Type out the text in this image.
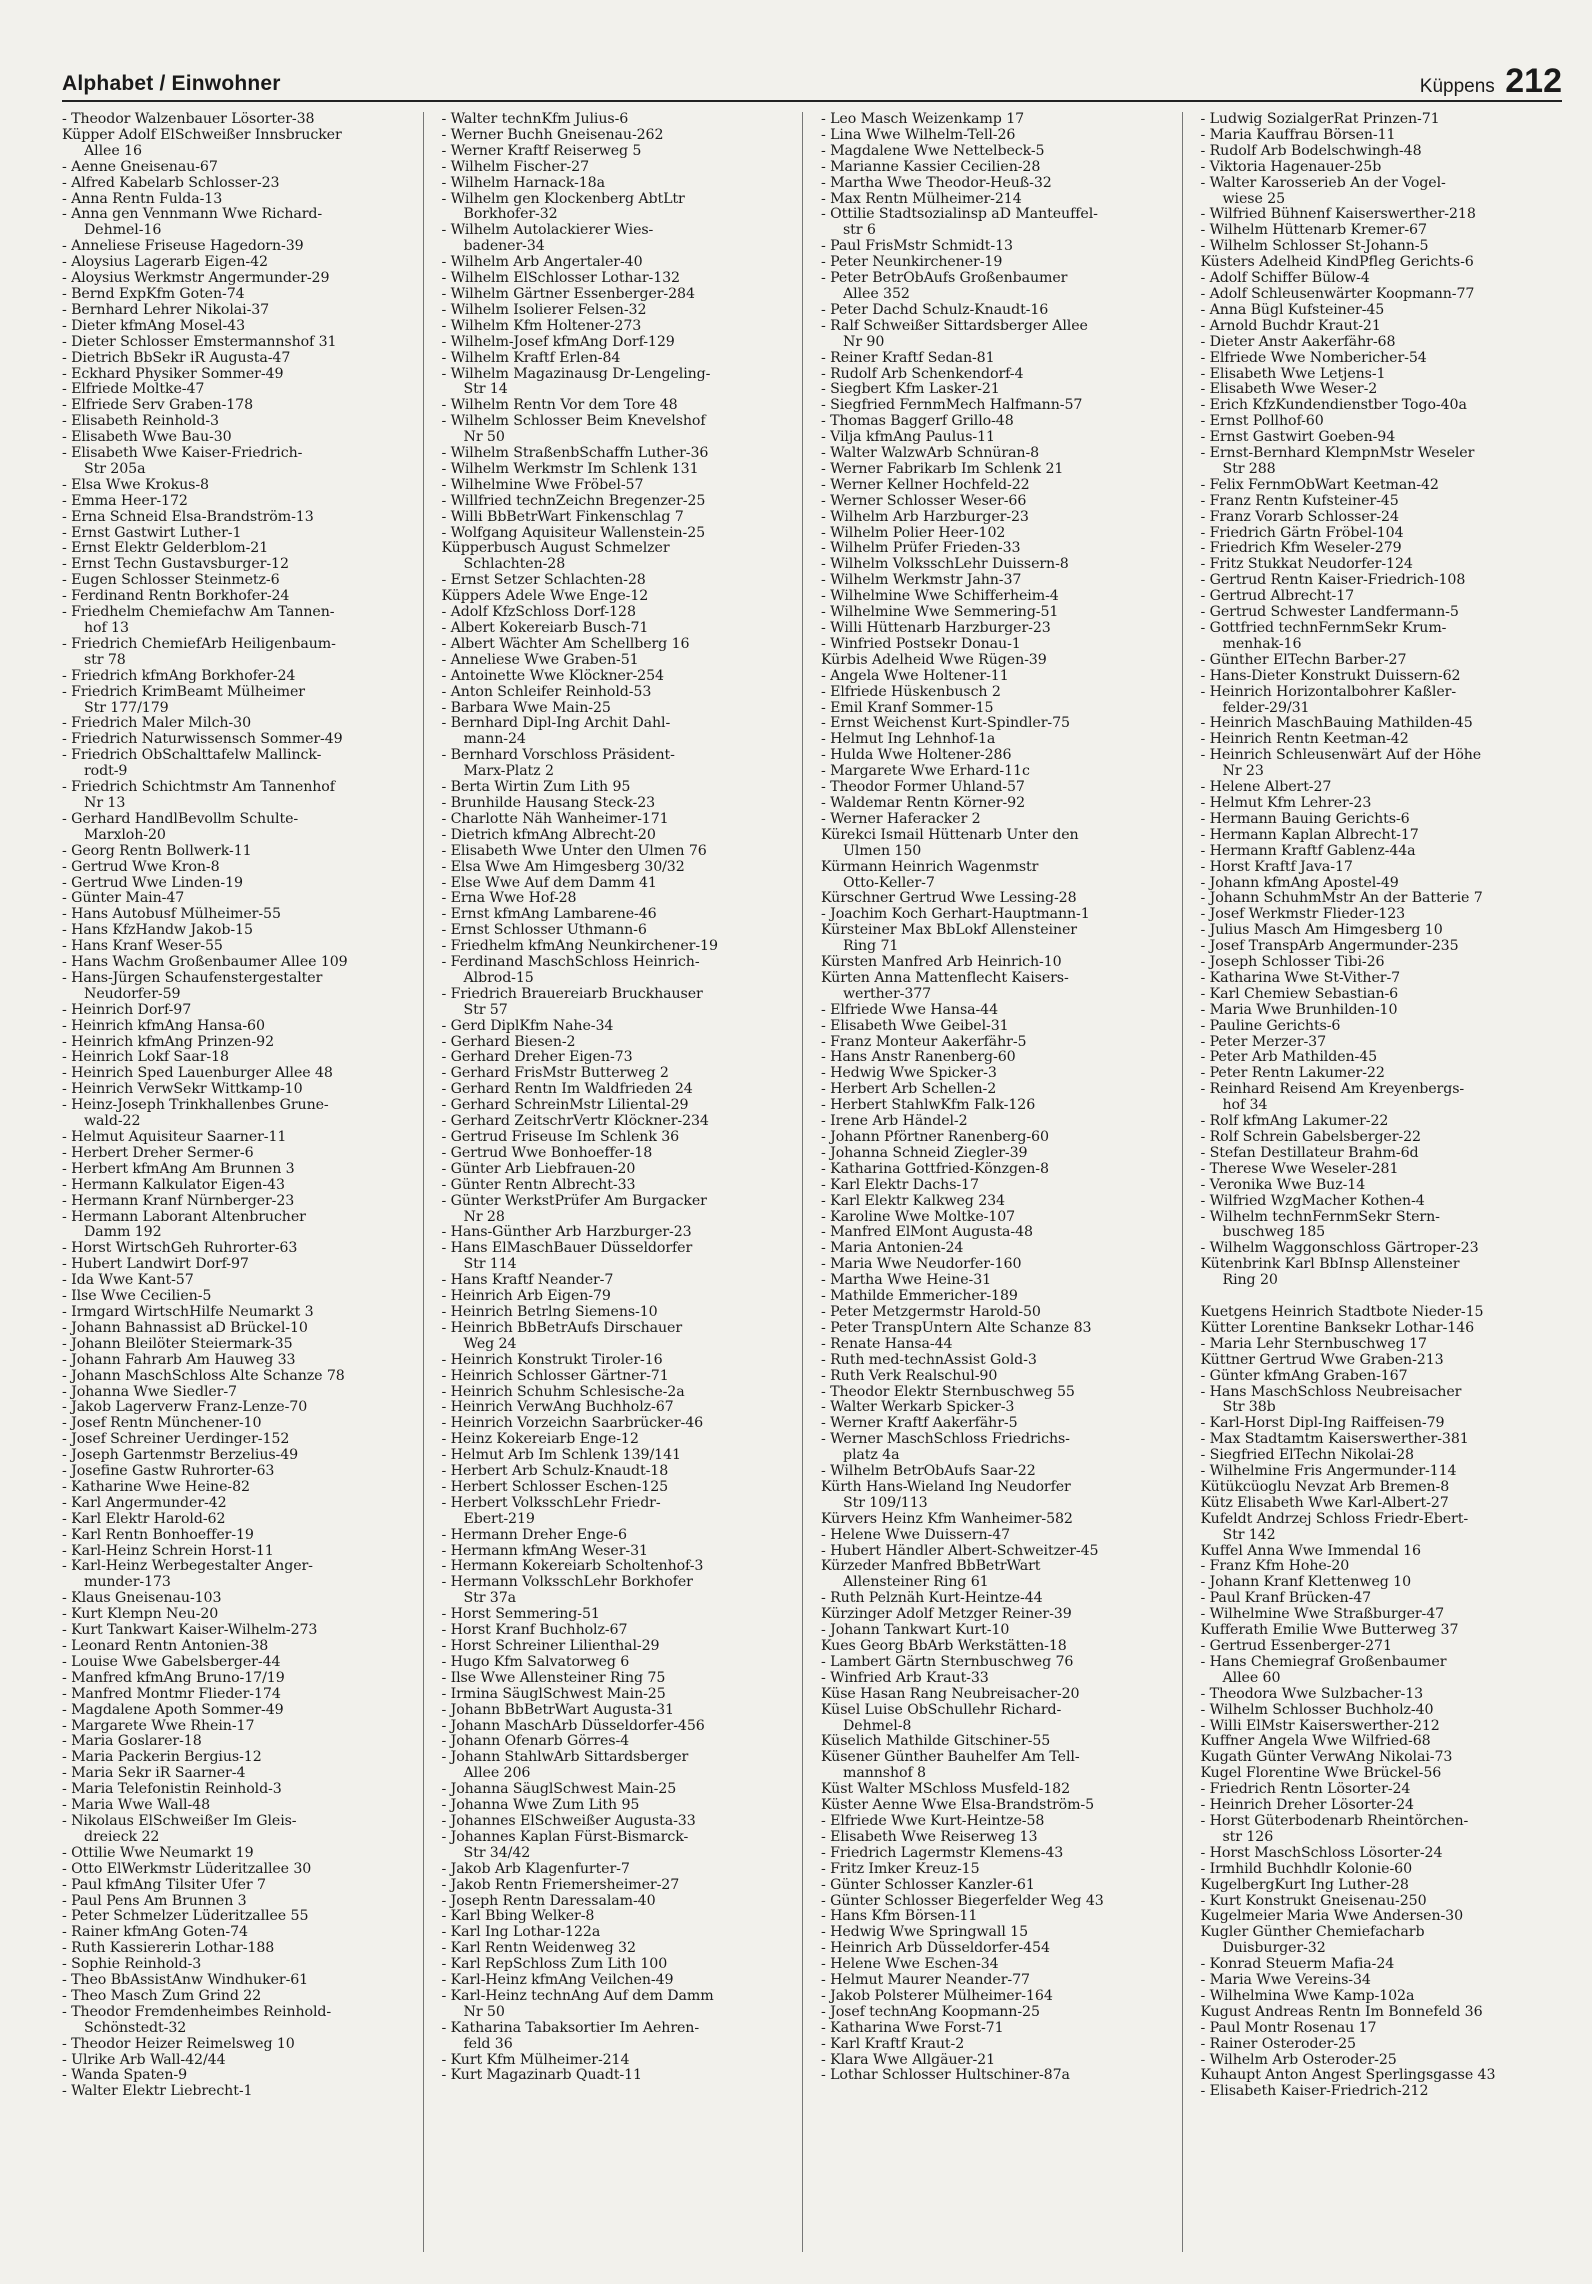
Alphabet / Einwohner	Küppens 212
- Theodor Walzenbauer Lösorter-38
Küpper Adolf ElSchweißer Innsbrucker
Allee 16
- Aenne Gneisenau-67
- Alfred Kabelarb Schlosser-23
- Anna Rentn Fulda-13
- Anna gen Vennmann Wwe Richard-
Dehmel-16
- Anneliese Friseuse Hagedorn-39
- Aloysius Lagerarb Eigen-42
- Aloysius Werkmstr Angermunder-29
- Bernd ExpKfm Goten-74
- Bernhard Lehrer Nikolai-37
- Dieter kfmAng Mosel-43
- Dieter Schlosser Emstermannshof 31
- Dietrich BbSekr iR Augusta-47
- Eckhard Physiker Sommer-49
- Elfriede Moltke-47
- Elfriede Serv Graben-178
- Elisabeth Reinhold-3
- Elisabeth Wwe Bau-30
- Elisabeth Wwe Kaiser-Friedrich-
Str 205a
- Elsa Wwe Krokus-8
- Emma Heer-172
- Erna Schneid Elsa-Brandström-13
- Ernst Gastwirt Luther-1
- Ernst Elektr Gelderblom-21
- Ernst Techn Gustavsburger-12
- Eugen Schlosser Steinmetz-6
- Ferdinand Rentn Borkhofer-24
- Friedhelm Chemiefachw Am Tannen-
hof 13
- Friedrich ChemiefArb Heiligenbaum-
str 78
- Friedrich kfmAng Borkhofer-24
- Friedrich KrimBeamt Mülheimer
Str 177/179
- Friedrich Maler Milch-30
- Friedrich Naturwissensch Sommer-49
- Friedrich ObSchalttafelw Mallinck-
rodt-9
- Friedrich Schichtmstr Am Tannenhof
Nr 13
- Gerhard HandlBevollm Schulte-
Marxloh-20
- Georg Rentn Bollwerk-11
- Gertrud Wwe Kron-8
- Gertrud Wwe Linden-19
- Günter Main-47
- Hans Autobusf Mülheimer-55
- Hans KfzHandw Jakob-15
- Hans Kranf Weser-55
- Hans Wachm Großenbaumer Allee 109
- Hans-Jürgen Schaufenstergestalter
Neudorfer-59
- Heinrich Dorf-97
- Heinrich kfmAng Hansa-60
- Heinrich kfmAng Prinzen-92
- Heinrich Lokf Saar-18
- Heinrich Sped Lauenburger Allee 48
- Heinrich VerwSekr Wittkamp-10
- Heinz-Joseph Trinkhallenbes Grune-
wald-22
- Helmut Aquisiteur Saarner-11
- Herbert Dreher Sermer-6
- Herbert kfmAng Am Brunnen 3
- Hermann Kalkulator Eigen-43
- Hermann Kranf Nürnberger-23
- Hermann Laborant Altenbrucher
Damm 192
- Horst WirtschGeh Ruhrorter-63
- Hubert Landwirt Dorf-97
- Ida Wwe Kant-57
- Ilse Wwe Cecilien-5
- Irmgard WirtschHilfe Neumarkt 3
- Johann Bahnassist aD Brückel-10
- Johann Bleilöter Steiermark-35
- Johann Fahrarb Am Hauweg 33
- Johann MaschSchloss Alte Schanze 78
- Johanna Wwe Siedler-7
- Jakob Lagerverw Franz-Lenze-70
- Josef Rentn Münchener-10
- Josef Schreiner Uerdinger-152
- Joseph Gartenmstr Berzelius-49
- Josefine Gastw Ruhrorter-63
- Katharine Wwe Heine-82
- Karl Angermunder-42
- Karl Elektr Harold-62
- Karl Rentn Bonhoeffer-19
- Karl-Heinz Schrein Horst-11
- Karl-Heinz Werbegestalter Anger-
munder-173
- Klaus Gneisenau-103
- Kurt Klempn Neu-20
- Kurt Tankwart Kaiser-Wilhelm-273
- Leonard Rentn Antonien-38
- Louise Wwe Gabelsberger-44
- Manfred kfmAng Bruno-17/19
- Manfred Montmr Flieder-174
- Magdalene Apoth Sommer-49
- Margarete Wwe Rhein-17
- Maria Goslarer-18
- Maria Packerin Bergius-12
- Maria Sekr iR Saarner-4
- Maria Telefonistin Reinhold-3
- Maria Wwe Wall-48
- Nikolaus ElSchweißer Im Gleis-
dreieck 22
- Ottilie Wwe Neumarkt 19
- Otto ElWerkmstr Lüderitzallee 30
- Paul kfmAng Tilsiter Ufer 7
- Paul Pens Am Brunnen 3
- Peter Schmelzer Lüderitzallee 55
- Rainer kfmAng Goten-74
- Ruth Kassiererin Lothar-188
- Sophie Reinhold-3
- Theo BbAssistAnw Windhuker-61
- Theo Masch Zum Grind 22
- Theodor Fremdenheimbes Reinhold-
Schönstedt-32
- Theodor Heizer Reimelsweg 10
- Ulrike Arb Wall-42/44
- Wanda Spaten-9
- Walter Elektr Liebrecht-1
- Walter technKfm Julius-6
- Werner Buchh Gneisenau-262
- Werner Kraftf Reiserweg 5
- Wilhelm Fischer-27
- Wilhelm Harnack-18a
- Wilhelm gen Klockenberg AbtLtr
Borkhofer-32
- Wilhelm Autolackierer Wies-
badener-34
- Wilhelm Arb Angertaler-40
- Wilhelm ElSchlosser Lothar-132
- Wilhelm Gärtner Essenberger-284
- Wilhelm Isolierer Felsen-32
- Wilhelm Kfm Holtener-273
- Wilhelm-Josef kfmAng Dorf-129
- Wilhelm Kraftf Erlen-84
- Wilhelm Magazinausg Dr-Lengeling-
Str 14
- Wilhelm Rentn Vor dem Tore 48
- Wilhelm Schlosser Beim Knevelshof
Nr 50
- Wilhelm StraßenbSchaffn Luther-36
- Wilhelm Werkmstr Im Schlenk 131
- Wilhelmine Wwe Fröbel-57
- Willfried technZeichn Bregenzer-25
- Willi BbBetrWart Finkenschlag 7
- Wolfgang Aquisiteur Wallenstein-25
Küpperbusch August Schmelzer
Schlachten-28
- Ernst Setzer Schlachten-28
Küppers Adele Wwe Enge-12
- Adolf KfzSchloss Dorf-128
- Albert Kokereiarb Busch-71
- Albert Wächter Am Schellberg 16
- Anneliese Wwe Graben-51
- Antoinette Wwe Klöckner-254
- Anton Schleifer Reinhold-53
- Barbara Wwe Main-25
- Bernhard Dipl-Ing Archit Dahl-
mann-24
- Bernhard Vorschloss Präsident-
Marx-Platz 2
- Berta Wirtin Zum Lith 95
- Brunhilde Hausang Steck-23
- Charlotte Näh Wanheimer-171
- Dietrich kfmAng Albrecht-20
- Elisabeth Wwe Unter den Ulmen 76
- Elsa Wwe Am Himgesberg 30/32
- Else Wwe Auf dem Damm 41
- Erna Wwe Hof-28
- Ernst kfmAng Lambarene-46
- Ernst Schlosser Uthmann-6
- Friedhelm kfmAng Neunkirchener-19
- Ferdinand MaschSchloss Heinrich-
Albrod-15
- Friedrich Brauereiarb Bruckhauser
Str 57
- Gerd DiplKfm Nahe-34
- Gerhard Biesen-2
- Gerhard Dreher Eigen-73
- Gerhard FrisMstr Butterweg 2
- Gerhard Rentn Im Waldfrieden 24
- Gerhard SchreinMstr Liliental-29
- Gerhard ZeitschrVertr Klöckner-234
- Gertrud Friseuse Im Schlenk 36
- Gertrud Wwe Bonhoeffer-18
- Günter Arb Liebfrauen-20
- Günter Rentn Albrecht-33
- Günter WerkstPrüfer Am Burgacker
Nr 28
- Hans-Günther Arb Harzburger-23
- Hans ElMaschBauer Düsseldorfer
Str 114
- Hans Kraftf Neander-7
- Heinrich Arb Eigen-79
- Heinrich Betrlng Siemens-10
- Heinrich BbBetrAufs Dirschauer
Weg 24
- Heinrich Konstrukt Tiroler-16
- Heinrich Schlosser Gärtner-71
- Heinrich Schuhm Schlesische-2a
- Heinrich VerwAng Buchholz-67
- Heinrich Vorzeichn Saarbrücker-46
- Heinz Kokereiarb Enge-12
- Helmut Arb Im Schlenk 139/141
- Herbert Arb Schulz-Knaudt-18
- Herbert Schlosser Eschen-125
- Herbert VolksschLehr Friedr-
Ebert-219
- Hermann Dreher Enge-6
- Hermann kfmAng Weser-31
- Hermann Kokereiarb Scholtenhof-3
- Hermann VolksschLehr Borkhofer
Str 37a
- Horst Semmering-51
- Horst Kranf Buchholz-67
- Horst Schreiner Lilienthal-29
- Hugo Kfm Salvatorweg 6
- Ilse Wwe Allensteiner Ring 75
- Irmina SäuglSchwest Main-25
- Johann BbBetrWart Augusta-31
- Johann MaschArb Düsseldorfer-456
- Johann Ofenarb Görres-4
- Johann StahlwArb Sittardsberger
Allee 206
- Johanna SäuglSchwest Main-25
- Johanna Wwe Zum Lith 95
- Johannes ElSchweißer Augusta-33
- Johannes Kaplan Fürst-Bismarck-
Str 34/42
- Jakob Arb Klagenfurter-7
- Jakob Rentn Friemersheimer-27
- Joseph Rentn Daressalam-40
- Karl Bbing Welker-8
- Karl Ing Lothar-122a
- Karl Rentn Weidenweg 32
- Karl RepSchloss Zum Lith 100
- Karl-Heinz kfmAng Veilchen-49
- Karl-Heinz technAng Auf dem Damm
Nr 50
- Katharina Tabaksortier Im Aehren-
feld 36
- Kurt Kfm Mülheimer-214
- Kurt Magazinarb Quadt-11
- Leo Masch Weizenkamp 17
- Lina Wwe Wilhelm-Tell-26
- Magdalene Wwe Nettelbeck-5
- Marianne Kassier Cecilien-28
- Martha Wwe Theodor-Heuß-32
- Max Rentn Mülheimer-214
- Ottilie Stadtsozialinsp aD Manteuffel-
str 6
- Paul FrisMstr Schmidt-13
- Peter Neunkirchener-19
- Peter BetrObAufs Großenbaumer
Allee 352
- Peter Dachd Schulz-Knaudt-16
- Ralf Schweißer Sittardsberger Allee
Nr 90
- Reiner Kraftf Sedan-81
- Rudolf Arb Schenkendorf-4
- Siegbert Kfm Lasker-21
- Siegfried FernmMech Halfmann-57
- Thomas Baggerf Grillo-48
- Vilja kfmAng Paulus-11
- Walter WalzwArb Schnüran-8
- Werner Fabrikarb Im Schlenk 21
- Werner Kellner Hochfeld-22
- Werner Schlosser Weser-66
- Wilhelm Arb Harzburger-23
- Wilhelm Polier Heer-102
- Wilhelm Prüfer Frieden-33
- Wilhelm VolksschLehr Duissern-8
- Wilhelm Werkmstr Jahn-37
- Wilhelmine Wwe Schifferheim-4
- Wilhelmine Wwe Semmering-51
- Willi Hüttenarb Harzburger-23
- Winfried Postsekr Donau-1
Kürbis Adelheid Wwe Rügen-39
- Angela Wwe Holtener-11
- Elfriede Hüskenbusch 2
- Emil Kranf Sommer-15
- Ernst Weichenst Kurt-Spindler-75
- Helmut Ing Lehnhof-1a
- Hulda Wwe Holtener-286
- Margarete Wwe Erhard-11c
- Theodor Former Uhland-57
- Waldemar Rentn Körner-92
- Werner Haferacker 2
Kürekci Ismail Hüttenarb Unter den
Ulmen 150
Kürmann Heinrich Wagenmstr
Otto-Keller-7
Kürschner Gertrud Wwe Lessing-28
- Joachim Koch Gerhart-Hauptmann-1
Kürsteiner Max BbLokf Allensteiner
Ring 71
Kürsten Manfred Arb Heinrich-10
Kürten Anna Mattenflecht Kaisers-
werther-377
- Elfriede Wwe Hansa-44
- Elisabeth Wwe Geibel-31
- Franz Monteur Aakerfähr-5
- Hans Anstr Ranenberg-60
- Hedwig Wwe Spicker-3
- Herbert Arb Schellen-2
- Herbert StahlwKfm Falk-126
- Irene Arb Händel-2
- Johann Pförtner Ranenberg-60
- Johanna Schneid Ziegler-39
- Katharina Gottfried-Könzgen-8
- Karl Elektr Dachs-17
- Karl Elektr Kalkweg 234
- Karoline Wwe Moltke-107
- Manfred ElMont Augusta-48
- Maria Antonien-24
- Maria Wwe Neudorfer-160
- Martha Wwe Heine-31
- Mathilde Emmericher-189
- Peter Metzgermstr Harold-50
- Peter TranspUntern Alte Schanze 83
- Renate Hansa-44
- Ruth med-technAssist Gold-3
- Ruth Verk Realschul-90
- Theodor Elektr Sternbuschweg 55
- Walter Werkarb Spicker-3
- Werner Kraftf Aakerfähr-5
- Werner MaschSchloss Friedrichs-
platz 4a
- Wilhelm BetrObAufs Saar-22
Kürth Hans-Wieland Ing Neudorfer
Str 109/113
Kürvers Heinz Kfm Wanheimer-582
- Helene Wwe Duissern-47
- Hubert Händler Albert-Schweitzer-45
Kürzeder Manfred BbBetrWart
Allensteiner Ring 61
- Ruth Pelznäh Kurt-Heintze-44
Kürzinger Adolf Metzger Reiner-39
- Johann Tankwart Kurt-10
Kues Georg BbArb Werkstätten-18
- Lambert Gärtn Sternbuschweg 76
- Winfried Arb Kraut-33
Küse Hasan Rang Neubreisacher-20
Küsel Luise ObSchullehr Richard-
Dehmel-8
Küselich Mathilde Gitschiner-55
Küsener Günther Bauhelfer Am Tell-
mannshof 8
Küst Walter MSchloss Musfeld-182
Küster Aenne Wwe Elsa-Brandström-5
- Elfriede Wwe Kurt-Heintze-58
- Elisabeth Wwe Reiserweg 13
- Friedrich Lagermstr Klemens-43
- Fritz Imker Kreuz-15
- Günter Schlosser Kanzler-61
- Günter Schlosser Biegerfelder Weg 43
- Hans Kfm Börsen-11
- Hedwig Wwe Springwall 15
- Heinrich Arb Düsseldorfer-454
- Helene Wwe Eschen-34
- Helmut Maurer Neander-77
- Jakob Polsterer Mülheimer-164
- Josef technAng Koopmann-25
- Katharina Wwe Forst-71
- Karl Kraftf Kraut-2
- Klara Wwe Allgäuer-21
- Lothar Schlosser Hultschiner-87a
- Ludwig SozialgerRat Prinzen-71
- Maria Kauffrau Börsen-11
- Rudolf Arb Bodelschwingh-48
- Viktoria Hagenauer-25b
- Walter Karosserieb An der Vogel-
wiese 25
- Wilfried Bühnenf Kaiserswerther-218
- Wilhelm Hüttenarb Kremer-67
- Wilhelm Schlosser St-Johann-5
Küsters Adelheid KindPfleg Gerichts-6
- Adolf Schiffer Bülow-4
- Adolf Schleusenwärter Koopmann-77
- Anna Bügl Kufsteiner-45
- Arnold Buchdr Kraut-21
- Dieter Anstr Aakerfähr-68
- Elfriede Wwe Nombericher-54
- Elisabeth Wwe Letjens-1
- Elisabeth Wwe Weser-2
- Erich KfzKundendienstber Togo-40a
- Ernst Pollhof-60
- Ernst Gastwirt Goeben-94
- Ernst-Bernhard KlempnMstr Weseler
Str 288
- Felix FernmObWart Keetman-42
- Franz Rentn Kufsteiner-45
- Franz Vorarb Schlosser-24
- Friedrich Gärtn Fröbel-104
- Friedrich Kfm Weseler-279
- Fritz Stukkat Neudorfer-124
- Gertrud Rentn Kaiser-Friedrich-108
- Gertrud Albrecht-17
- Gertrud Schwester Landfermann-5
- Gottfried technFernmSekr Krum-
menhak-16
- Günther ElTechn Barber-27
- Hans-Dieter Konstrukt Duissern-62
- Heinrich Horizontalbohrer Kaßler-
felder-29/31
- Heinrich MaschBauing Mathilden-45
- Heinrich Rentn Keetman-42
- Heinrich Schleusenwärt Auf der Höhe
Nr 23
- Helene Albert-27
- Helmut Kfm Lehrer-23
- Hermann Bauing Gerichts-6
- Hermann Kaplan Albrecht-17
- Hermann Kraftf Gablenz-44a
- Horst Kraftf Java-17
- Johann kfmAng Apostel-49
- Johann SchuhmMstr An der Batterie 7
- Josef Werkmstr Flieder-123
- Julius Masch Am Himgesberg 10
- Josef TranspArb Angermunder-235
- Joseph Schlosser Tibi-26
- Katharina Wwe St-Vither-7
- Karl Chemiew Sebastian-6
- Maria Wwe Brunhilden-10
- Pauline Gerichts-6
- Peter Merzer-37
- Peter Arb Mathilden-45
- Peter Rentn Lakumer-22
- Reinhard Reisend Am Kreyenbergs-
hof 34
- Rolf kfmAng Lakumer-22
- Rolf Schrein Gabelsberger-22
- Stefan Destillateur Brahm-6d
- Therese Wwe Weseler-281
- Veronika Wwe Buz-14
- Wilfried WzgMacher Kothen-4
- Wilhelm technFernmSekr Stern-
buschweg 185
- Wilhelm Waggonschloss Gärtroper-23
Kütenbrink Karl BbInsp Allensteiner
Ring 20

Kuetgens Heinrich Stadtbote Nieder-15
Kütter Lorentine Banksekr Lothar-146
- Maria Lehr Sternbuschweg 17
Küttner Gertrud Wwe Graben-213
- Günter kfmAng Graben-167
- Hans MaschSchloss Neubreisacher
Str 38b
- Karl-Horst Dipl-Ing Raiffeisen-79
- Max Stadtamtm Kaiserswerther-381
- Siegfried ElTechn Nikolai-28
- Wilhelmine Fris Angermunder-114
Kütükcüoglu Nevzat Arb Bremen-8
Kütz Elisabeth Wwe Karl-Albert-27
Kufeldt Andrzej Schloss Friedr-Ebert-
Str 142
Kuffel Anna Wwe Immendal 16
- Franz Kfm Hohe-20
- Johann Kranf Klettenweg 10
- Paul Kranf Brücken-47
- Wilhelmine Wwe Straßburger-47
Kufferath Emilie Wwe Butterweg 37
- Gertrud Essenberger-271
- Hans Chemiegraf Großenbaumer
Allee 60
- Theodora Wwe Sulzbacher-13
- Wilhelm Schlosser Buchholz-40
- Willi ElMstr Kaiserswerther-212
Kuffner Angela Wwe Wilfried-68
Kugath Günter VerwAng Nikolai-73
Kugel Florentine Wwe Brückel-56
- Friedrich Rentn Lösorter-24
- Heinrich Dreher Lösorter-24
- Horst Güterbodenarb Rheintörchen-
str 126
- Horst MaschSchloss Lösorter-24
- Irmhild Buchhdlr Kolonie-60
KugelbergKurt Ing Luther-28
- Kurt Konstrukt Gneisenau-250
Kugelmeier Maria Wwe Andersen-30
Kugler Günther Chemiefacharb
Duisburger-32
- Konrad Steuerm Mafia-24
- Maria Wwe Vereins-34
- Wilhelmina Wwe Kamp-102a
Kugust Andreas Rentn Im Bonnefeld 36
- Paul Montr Rosenau 17
- Rainer Osteroder-25
- Wilhelm Arb Osteroder-25
Kuhaupt Anton Angest Sperlingsgasse 43
- Elisabeth Kaiser-Friedrich-212
